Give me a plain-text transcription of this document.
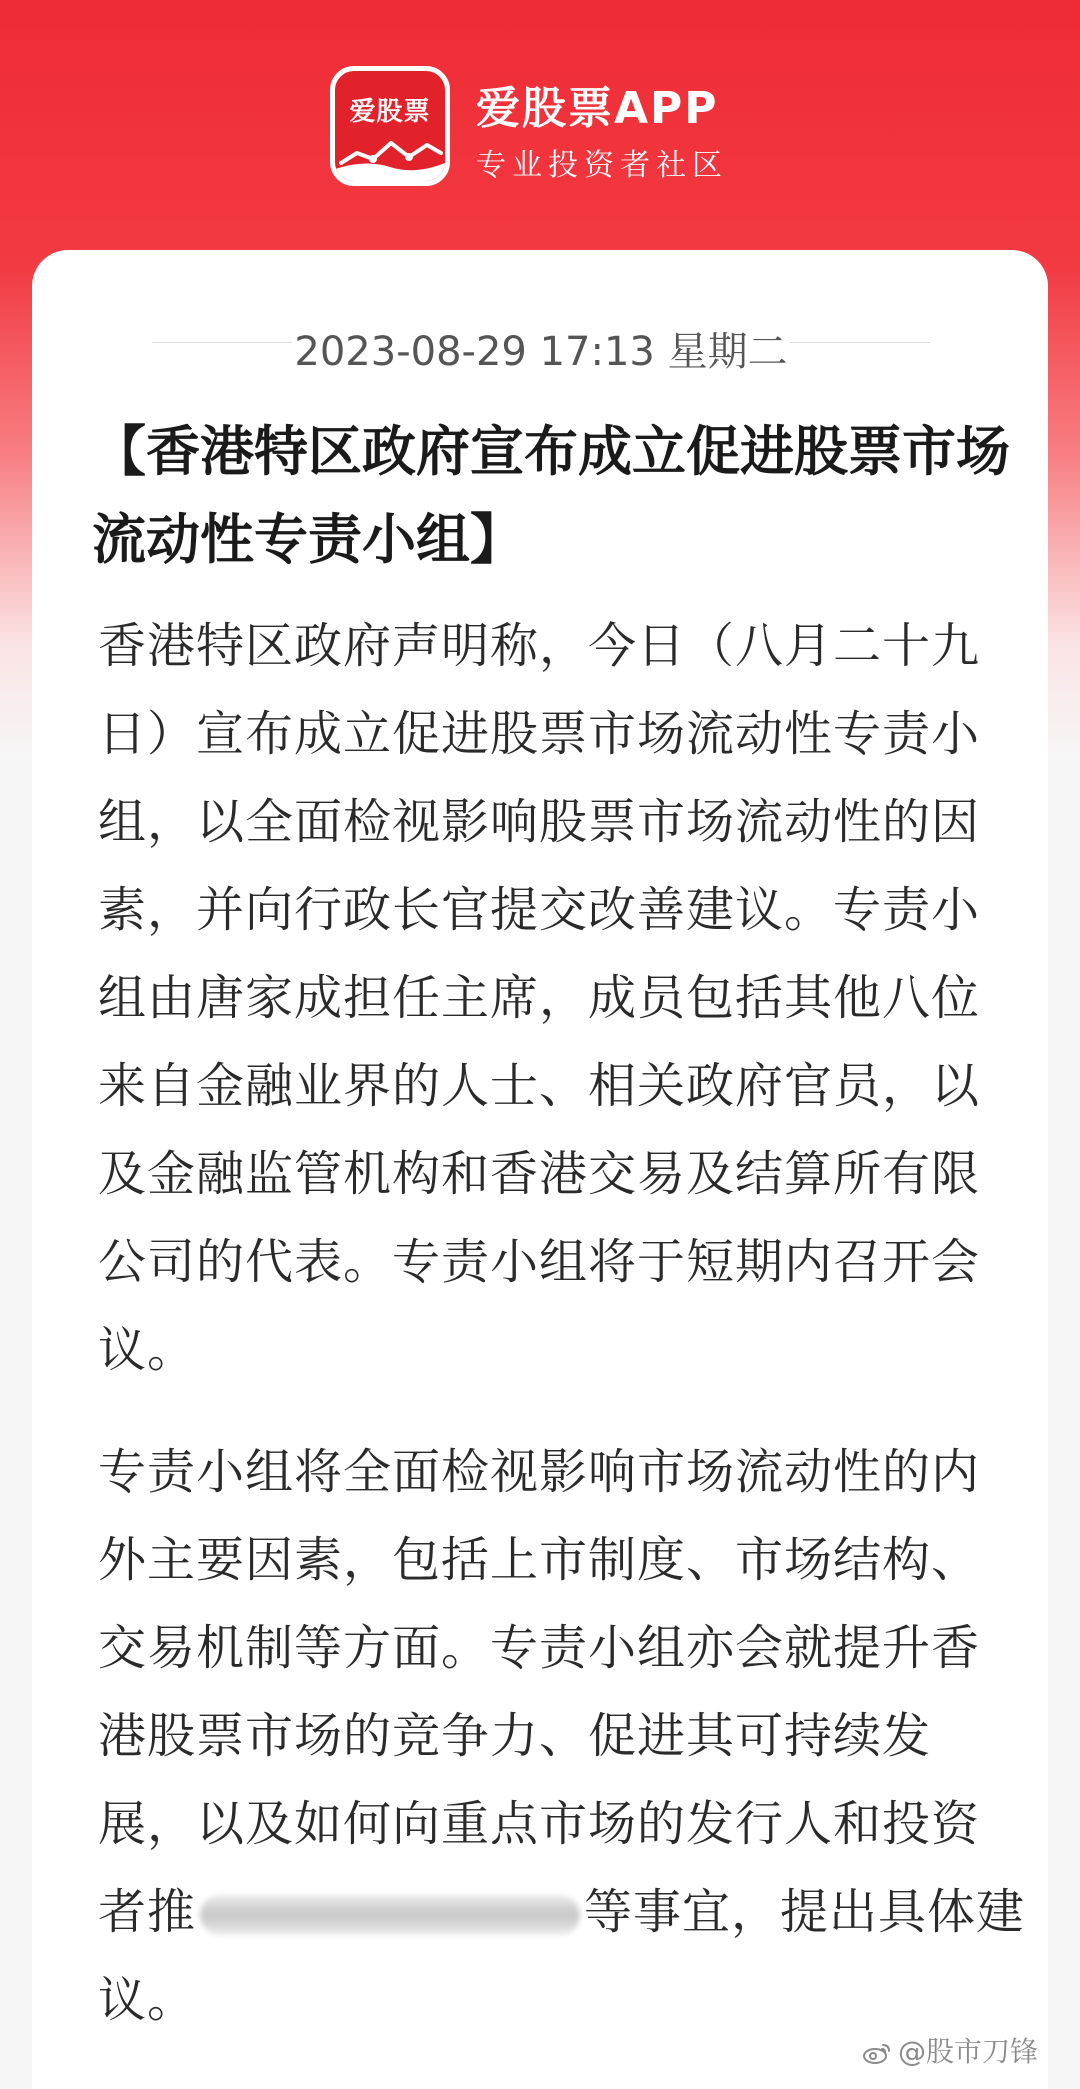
爱股票	爱股票APP
专业投资者社区
2023-08-29 17:13 星期二
【香港特区政府宣布成立促进股票市场流动性专责小组】

香港特区政府声明称，今日（八月二十九日）宣布成立促进股票市场流动性专责小组，以全面检视影响股票市场流动性的因素，并向行政长官提交改善建议。专责小组由唐家成担任主席，成员包括其他八位来自金融业界的人士、相关政府官员，以及金融监管机构和香港交易及结算所有限公司的代表。专责小组将于短期内召开会议。

专责小组将全面检视影响市场流动性的内外主要因素，包括上市制度、市场结构、交易机制等方面。专责小组亦会就提升香港股票市场的竞争力、促进其可持续发展，以及如何向重点市场的发行人和投资者推	等事宜，提出具体建议。

@股市刀锋
